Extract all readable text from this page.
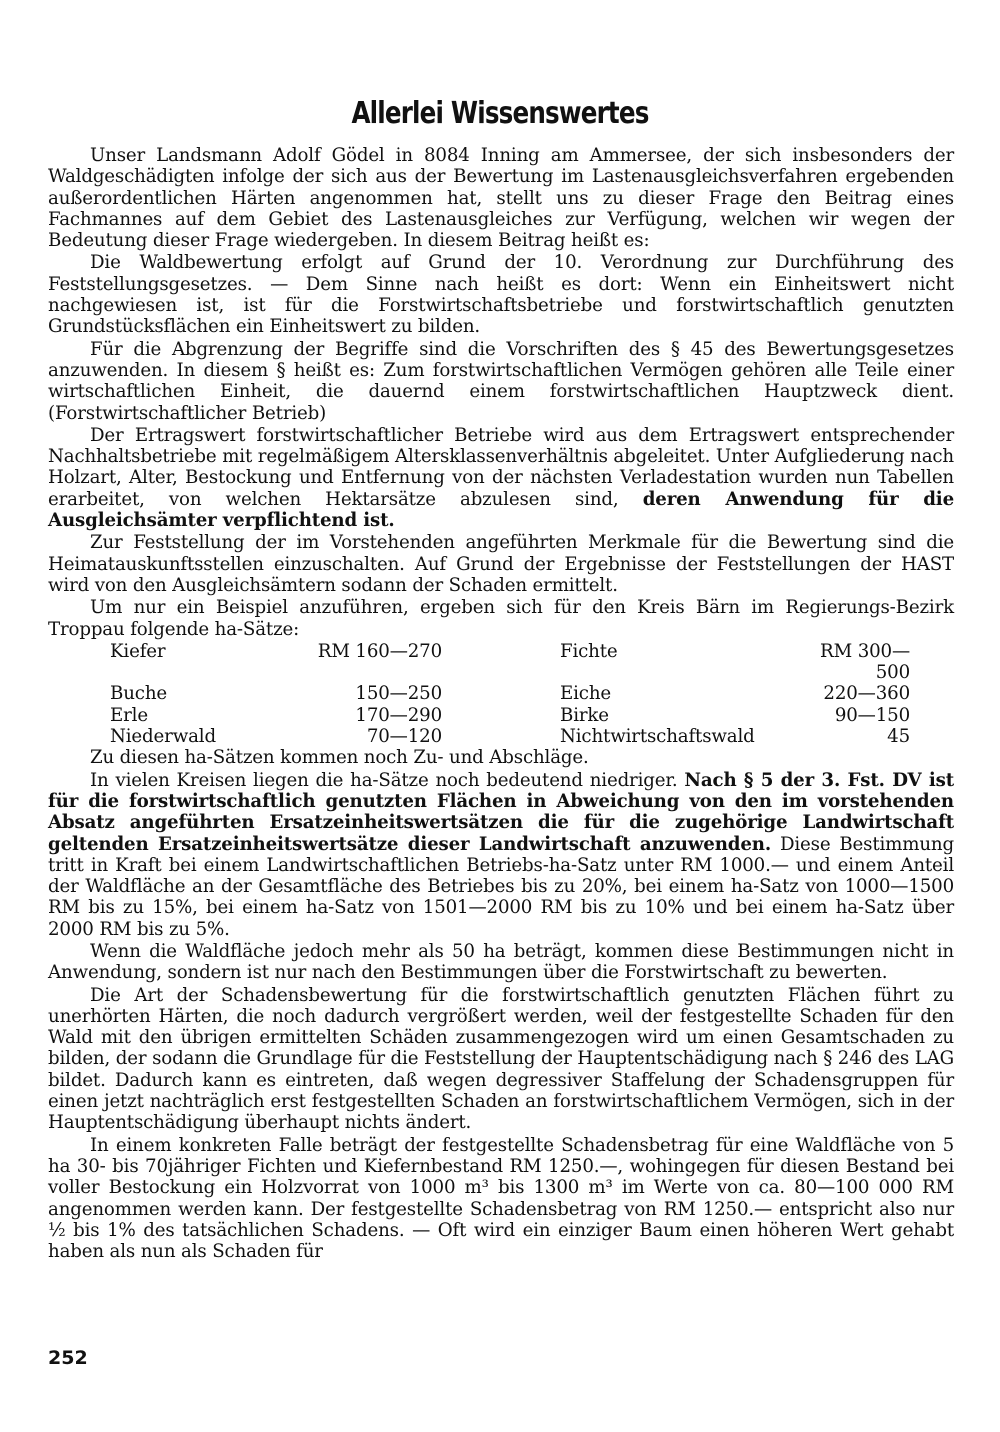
Allerlei Wissenswertes

Unser Landsmann Adolf Gödel in 8084 Inning am Ammersee, der sich insbesonders der Waldgeschädigten infolge der sich aus der Bewertung im Lastenausgleichsverfahren ergebenden außerordentlichen Härten angenommen hat, stellt uns zu dieser Frage den Beitrag eines Fachmannes auf dem Gebiet des Lastenausgleiches zur Verfügung, welchen wir wegen der Bedeutung dieser Frage wiedergeben. In diesem Beitrag heißt es:

Die Waldbewertung erfolgt auf Grund der 10. Verordnung zur Durchführung des Feststellungsgesetzes. — Dem Sinne nach heißt es dort: Wenn ein Einheitswert nicht nachgewiesen ist, ist für die Forstwirtschaftsbetriebe und forstwirtschaftlich genutzten Grundstücksflächen ein Einheitswert zu bilden.

Für die Abgrenzung der Begriffe sind die Vorschriften des § 45 des Bewertungsgesetzes anzuwenden. In diesem § heißt es: Zum forstwirtschaftlichen Vermögen gehören alle Teile einer wirtschaftlichen Einheit, die dauernd einem forstwirtschaftlichen Hauptzweck dient. (Forstwirtschaftlicher Betrieb)

Der Ertragswert forstwirtschaftlicher Betriebe wird aus dem Ertragswert entsprechender Nachhaltsbetriebe mit regelmäßigem Altersklassenverhältnis abgeleitet. Unter Aufgliederung nach Holzart, Alter, Bestockung und Entfernung von der nächsten Verladestation wurden nun Tabellen erarbeitet, von welchen Hektarsätze abzulesen sind, deren Anwendung für die Ausgleichsämter verpflichtend ist.

Zur Feststellung der im Vorstehenden angeführten Merkmale für die Bewertung sind die Heimatauskunftsstellen einzuschalten. Auf Grund der Ergebnisse der Feststellungen der HAST wird von den Ausgleichsämtern sodann der Schaden ermittelt.

Um nur ein Beispiel anzuführen, ergeben sich für den Kreis Bärn im Regierungs-Bezirk Troppau folgende ha-Sätze:

Kiefer	RM 160—270	Fichte	RM 300—500
Buche	150—250	Eiche	220—360
Erle	170—290	Birke	90—150
Niederwald	70—120	Nichtwirtschaftswald	45

Zu diesen ha-Sätzen kommen noch Zu- und Abschläge.

In vielen Kreisen liegen die ha-Sätze noch bedeutend niedriger. Nach § 5 der 3. Fst. DV ist für die forstwirtschaftlich genutzten Flächen in Abweichung von den im vorstehenden Absatz angeführten Ersatzeinheitswertsätzen die für die zugehörige Landwirtschaft geltenden Ersatzeinheitswertsätze dieser Landwirtschaft anzuwenden. Diese Bestimmung tritt in Kraft bei einem Landwirtschaftlichen Betriebs-ha-Satz unter RM 1000.— und einem Anteil der Waldfläche an der Gesamtfläche des Betriebes bis zu 20%, bei einem ha-Satz von 1000—1500 RM bis zu 15%, bei einem ha-Satz von 1501—2000 RM bis zu 10% und bei einem ha-Satz über 2000 RM bis zu 5%.

Wenn die Waldfläche jedoch mehr als 50 ha beträgt, kommen diese Bestimmungen nicht in Anwendung, sondern ist nur nach den Bestimmungen über die Forstwirtschaft zu bewerten.

Die Art der Schadensbewertung für die forstwirtschaftlich genutzten Flächen führt zu unerhörten Härten, die noch dadurch vergrößert werden, weil der festgestellte Schaden für den Wald mit den übrigen ermittelten Schäden zusammengezogen wird um einen Gesamtschaden zu bilden, der sodann die Grundlage für die Feststellung der Hauptentschädigung nach § 246 des LAG bildet. Dadurch kann es eintreten, daß wegen degressiver Staffelung der Schadensgruppen für einen jetzt nachträglich erst festgestellten Schaden an forstwirtschaftlichem Vermögen, sich in der Hauptentschädigung überhaupt nichts ändert.

In einem konkreten Falle beträgt der festgestellte Schadensbetrag für eine Waldfläche von 5 ha 30- bis 70jähriger Fichten und Kiefernbestand RM 1250.—, wohingegen für diesen Bestand bei voller Bestockung ein Holzvorrat von 1000 m³ bis 1300 m³ im Werte von ca. 80—100 000 RM angenommen werden kann. Der festgestellte Schadensbetrag von RM 1250.— entspricht also nur ½ bis 1% des tatsächlichen Schadens. — Oft wird ein einziger Baum einen höheren Wert gehabt haben als nun als Schaden für

252
